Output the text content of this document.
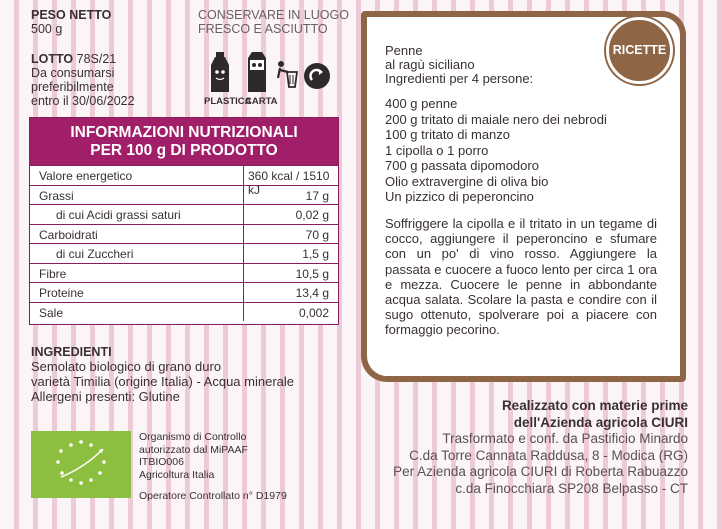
PESO NETTO
500 g
LOTTO 78S/21
Da consumarsi
preferibilmente
entro il 30/06/2022
CONSERVARE IN LUOGO
FRESCO E ASCIUTTO
PLASTICA
CARTA
INFORMAZIONI NUTRIZIONALI
PER 100 g DI PRODOTTO
Valore energetico	360 kcal / 1510 kJ
Grassi	17 g
di cui Acidi grassi saturi	0,02 g
Carboidrati	70 g
di cui Zuccheri	1,5 g
Fibre	10,5 g
Proteine	13,4 g
Sale	0,002
INGREDIENTI
Semolato biologico di grano duro
varietà Timilia (origine Italia) - Acqua minerale
Allergeni presenti: Glutine
Organismo di Controllo
autorizzato dal MiPAAF
ITBIO006
Agricoltura Italia
Operatore Controllato n° D1979
RICETTE
Penne
al ragù siciliano
Ingredienti per 4 persone:
400 g penne
200 g tritato di maiale nero dei nebrodi
100 g tritato di manzo
1 cipolla o 1 porro
700 g passata dipomodoro
Olio extravergine di oliva bio
Un pizzico di peperoncino
Soffriggere la cipolla e il tritato in un tegame di cocco, aggiungere il peperoncino e sfumare con un po' di vino rosso. Aggiungere la passata e cuocere a fuoco lento per circa 1 ora e mezza. Cuocere le penne in abbondante acqua salata. Scolare la pasta e condire con il sugo ottenuto, spolverare poi a piacere con formaggio pecorino.
Realizzato con materie prime
dell'Azienda agricola CIURI
Trasformato e conf. da Pastificio Minardo
C.da Torre Cannata Raddusa, 8 - Modica (RG)
Per Azienda agricola CIURI di Roberta Rabuazzo
c.da Finocchiara SP208 Belpasso - CT
